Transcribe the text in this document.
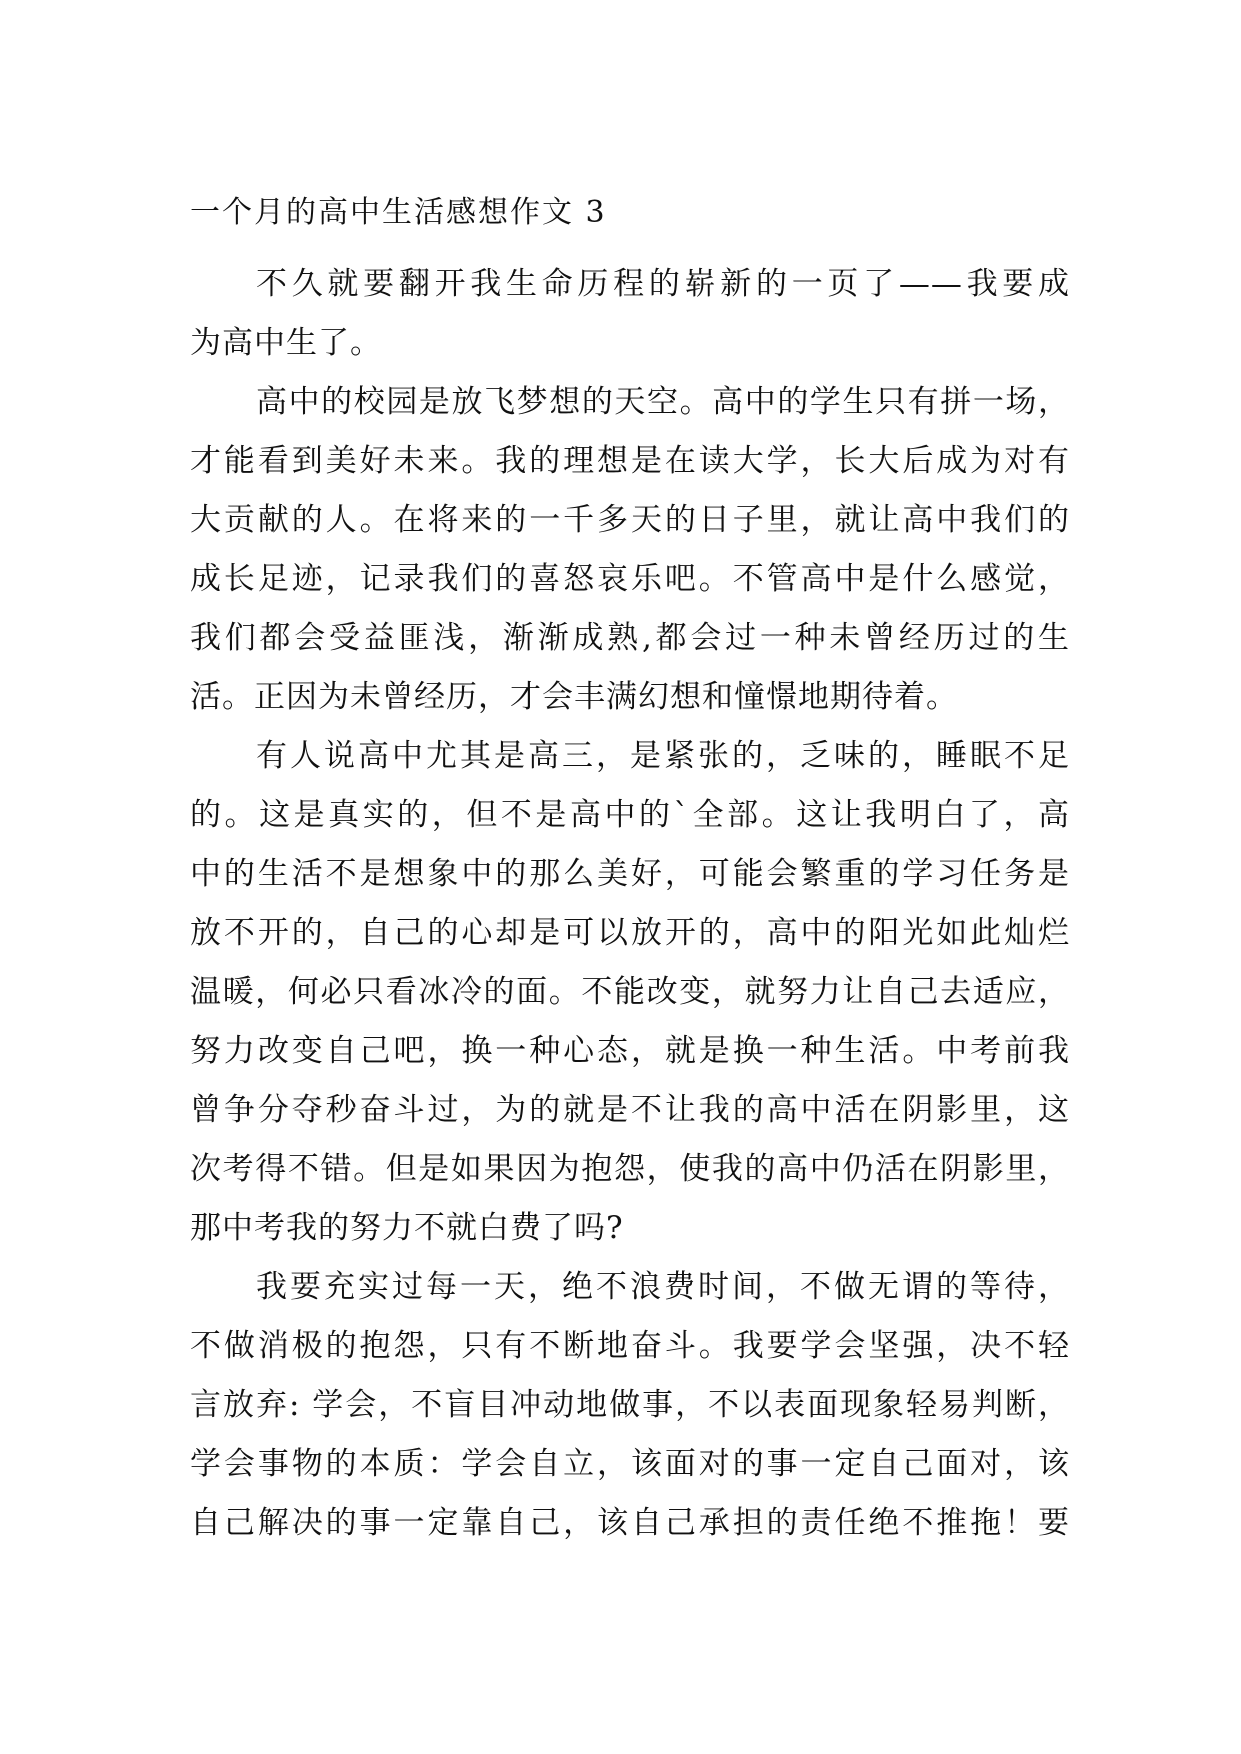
一个月的高中生活感想作文 3
不久就要翻开我生命历程的崭新的一页了——我要成
为高中生了。
高中的校园是放飞梦想的天空。高中的学生只有拼一场，
才能看到美好未来。我的理想是在读大学，长大后成为对有
大贡献的人。在将来的一千多天的日子里，就让高中我们的
成长足迹，记录我们的喜怒哀乐吧。不管高中是什么感觉，
我们都会受益匪浅，渐渐成熟,都会过一种未曾经历过的生
活。正因为未曾经历，才会丰满幻想和憧憬地期待着。
有人说高中尤其是高三，是紧张的，乏味的，睡眠不足
的。这是真实的，但不是高中的`全部。这让我明白了，高
中的生活不是想象中的那么美好，可能会繁重的学习任务是
放不开的，自己的心却是可以放开的，高中的阳光如此灿烂
温暖，何必只看冰冷的面。不能改变，就努力让自己去适应，
努力改变自己吧，换一种心态，就是换一种生活。中考前我
曾争分夺秒奋斗过，为的就是不让我的高中活在阴影里，这
次考得不错。但是如果因为抱怨，使我的高中仍活在阴影里，
那中考我的努力不就白费了吗?
我要充实过每一天，绝不浪费时间，不做无谓的等待，
不做消极的抱怨，只有不断地奋斗。我要学会坚强，决不轻
言放弃: 学会，不盲目冲动地做事，不以表面现象轻易判断，
学会事物的本质：学会自立，该面对的事一定自己面对，该
自己解决的事一定靠自己，该自己承担的责任绝不推拖！要
